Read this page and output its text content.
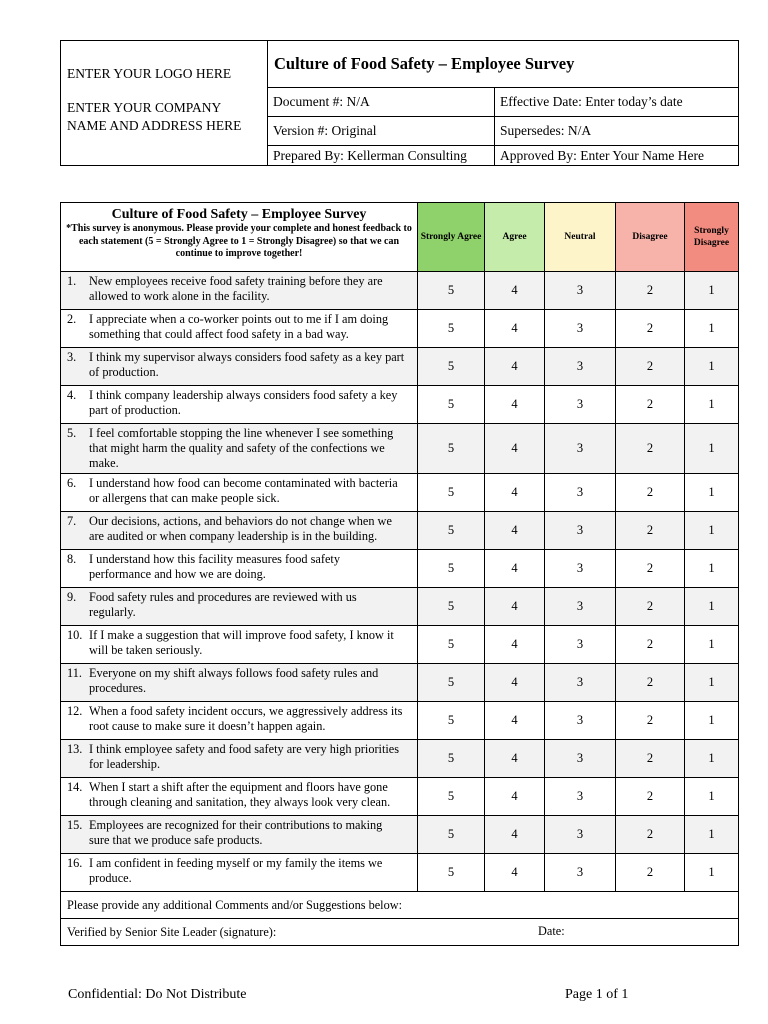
ENTER YOUR LOGO HERE
ENTER YOUR COMPANY NAME AND ADDRESS HERE	Culture of Food Safety – Employee Survey	
	Document #: N/A	Effective Date: Enter today’s date
	Version #: Original	Supersedes: N/A
	Prepared By: Kellerman Consulting	Approved By: Enter Your Name Here
Culture of Food Safety – Employee Survey
*This survey is anonymous. Please provide your complete and honest feedback to each statement (5 = Strongly Agree to 1 = Strongly Disagree) so that we can continue to improve together!	Strongly Agree	Agree	Neutral	Disagree	Strongly Disagree
1. New employees receive food safety training before they are allowed to work alone in the facility.	5	4	3	2	1
2. I appreciate when a co-worker points out to me if I am doing something that could affect food safety in a bad way.	5	4	3	2	1
3. I think my supervisor always considers food safety as a key part of production.	5	4	3	2	1
4. I think company leadership always considers food safety a key part of production.	5	4	3	2	1
5. I feel comfortable stopping the line whenever I see something that might harm the quality and safety of the confections we make.	5	4	3	2	1
6. I understand how food can become contaminated with bacteria or allergens that can make people sick.	5	4	3	2	1
7. Our decisions, actions, and behaviors do not change when we are audited or when company leadership is in the building.	5	4	3	2	1
8. I understand how this facility measures food safety performance and how we are doing.	5	4	3	2	1
9. Food safety rules and procedures are reviewed with us regularly.	5	4	3	2	1
10. If I make a suggestion that will improve food safety, I know it will be taken seriously.	5	4	3	2	1
11. Everyone on my shift always follows food safety rules and procedures.	5	4	3	2	1
12. When a food safety incident occurs, we aggressively address its root cause to make sure it doesn’t happen again.	5	4	3	2	1
13. I think employee safety and food safety are very high priorities for leadership.	5	4	3	2	1
14. When I start a shift after the equipment and floors have gone through cleaning and sanitation, they always look very clean.	5	4	3	2	1
15. Employees are recognized for their contributions to making sure that we produce safe products.	5	4	3	2	1
16. I am confident in feeding myself or my family the items we produce.	5	4	3	2	1
Please provide any additional Comments and/or Suggestions below:					
Verified by Senior Site Leader (signature): Date:					
Confidential: Do Not Distribute	Page 1 of 1
